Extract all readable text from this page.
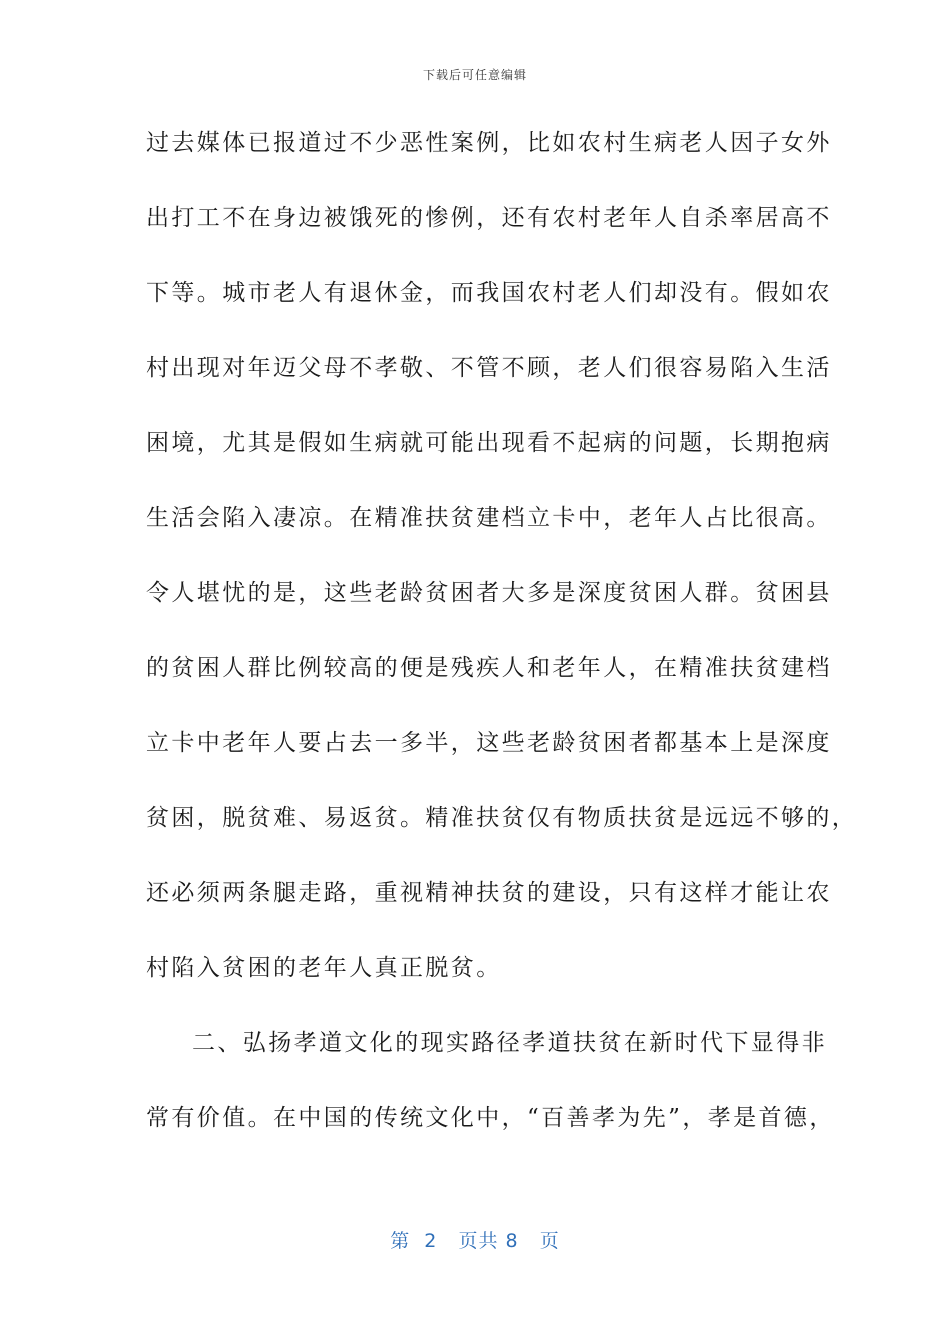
下载后可任意编辑
过去媒体已报道过不少恶性案例，比如农村生病老人因子女外
出打工不在身边被饿死的惨例，还有农村老年人自杀率居高不
下等。城市老人有退休金，而我国农村老人们却没有。假如农
村出现对年迈父母不孝敬、不管不顾，老人们很容易陷入生活
困境，尤其是假如生病就可能出现看不起病的问题，长期抱病
生活会陷入凄凉。在精准扶贫建档立卡中，老年人占比很高。
令人堪忧的是，这些老龄贫困者大多是深度贫困人群。贫困县
的贫困人群比例较高的便是残疾人和老年人，在精准扶贫建档
立卡中老年人要占去一多半，这些老龄贫困者都基本上是深度
贫困，脱贫难、易返贫。精准扶贫仅有物质扶贫是远远不够的，
还必须两条腿走路，重视精神扶贫的建设，只有这样才能让农
村陷入贫困的老年人真正脱贫。
二、弘扬孝道文化的现实路径孝道扶贫在新时代下显得非
常有价值。在中国的传统文化中，“百善孝为先”，孝是首德，
第  2   页共 8   页
